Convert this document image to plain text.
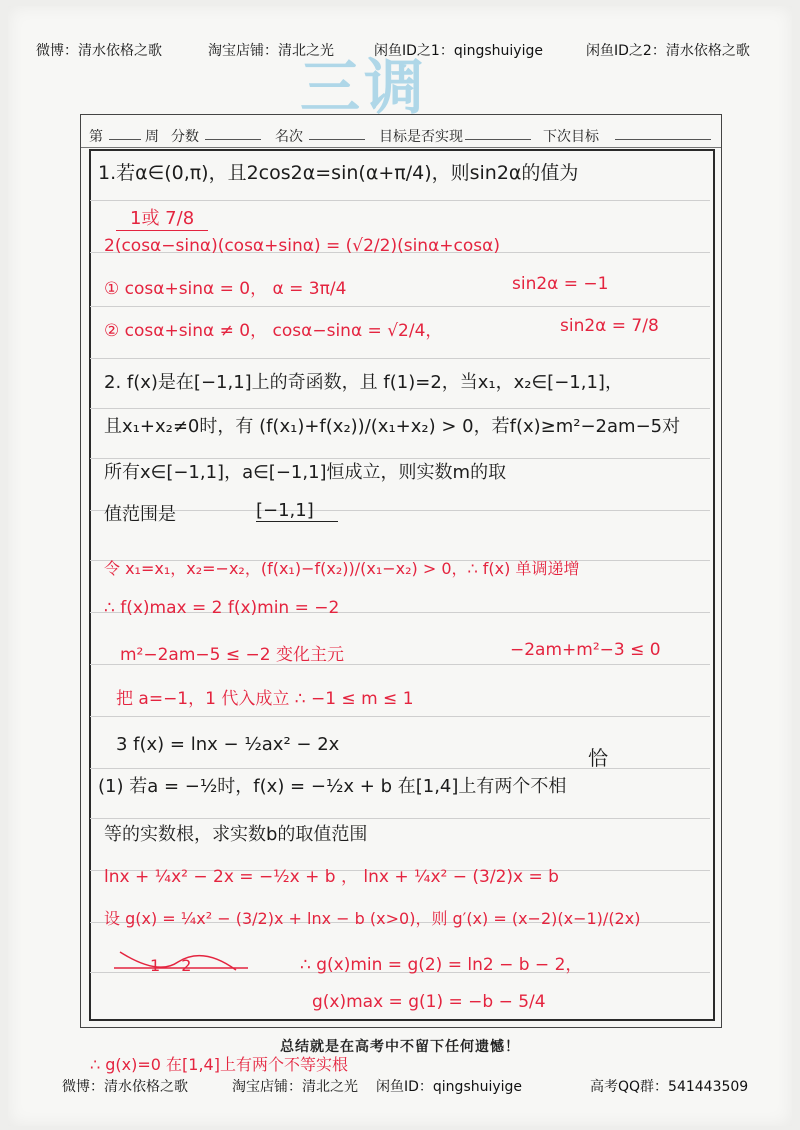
微博：清水依格之歌	淘宝店铺：清北之光	闲鱼ID之1：qingshuiyige	闲鱼ID之2：清水依格之歌
三调
第	周 分数	名次	目标是否实现	下次目标
1.若α∈(0,π)，且2cos2α=sin(α+π/4)，则sin2α的值为
1或 7/8
2(cosα−sinα)(cosα+sinα) = (√2/2)(sinα+cosα)
① cosα+sinα = 0， α = 3π/4	sin2α = −1
② cosα+sinα ≠ 0， cosα−sinα = √2/4，	sin2α = 7/8
2. f(x)是在[−1,1]上的奇函数，且 f(1)=2，当x₁，x₂∈[−1,1]，
且x₁+x₂≠0时，有 (f(x₁)+f(x₂))/(x₁+x₂) > 0，若f(x)≥m²−2am−5对
所有x∈[−1,1]，a∈[−1,1]恒成立，则实数m的取
值范围是	[−1,1]
令 x₁=x₁，x₂=−x₂，(f(x₁)−f(x₂))/(x₁−x₂) > 0，∴ f(x) 单调递增
∴ f(x)max = 2 f(x)min = −2
m²−2am−5 ≤ −2 变化主元	−2am+m²−3 ≤ 0
把 a=−1，1 代入成立 ∴ −1 ≤ m ≤ 1
3 f(x) = lnx − ½ax² − 2x
恰
(1) 若a = −½时，f(x) = −½x + b 在[1,4]上有两个不相
等的实数根，求实数b的取值范围
lnx + ¼x² − 2x = −½x + b ， lnx + ¼x² − (3/2)x = b
设 g(x) = ¼x² − (3/2)x + lnx − b (x>0)，则 g′(x) = (x−2)(x−1)/(2x)
1 2	∴ g(x)min = g(2) = ln2 − b − 2，
g(x)max = g(1) = −b − 5/4
总结就是在高考中不留下任何遗憾！
∴ g(x)=0 在[1,4]上有两个不等实根
微博：清水依格之歌	淘宝店铺：清北之光 闲鱼ID：qingshuiyige	高考QQ群：541443509
